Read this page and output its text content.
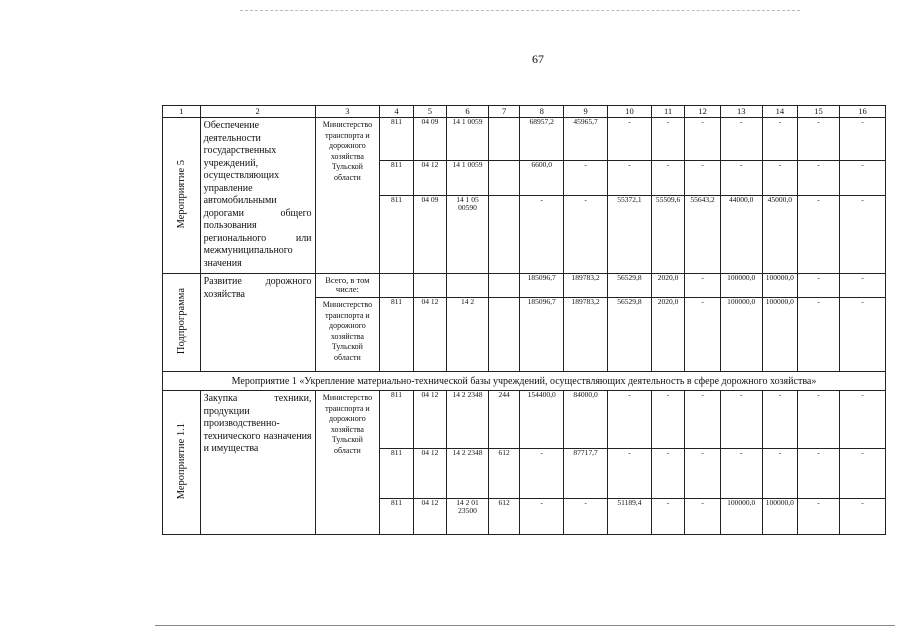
67
1	2	3	4	5	6	7	8	9	10	11	12	13	14	15	16
Мероприятие 5	Обеспечение деятельности государственных учреждений, осуществляющих управление автомобильными дорогами общего пользования регионального или межмуниципального значения	Министерство транспорта и дорожного хозяйства Тульской области	811	04 09	14 1 0059		68957,2	45965,7	-	-	-	-	-	-	-
			811	04 12	14 1 0059		6600,0	-	-	-	-	-	-	-	-
			811	04 09	14 1 05 00590		-	-	55372,1	55509,6	55643,2	44000,0	45000,0	-	-
Подпрограмма	Развитие дорожного хозяйства	Всего, в том числе:					185096,7	189783,2	56529,8	2020,0	-	100000,0	100000,0	-	-
		Министерство транспорта и дорожного хозяйства Тульской области	811	04 12	14 2		185096,7	189783,2	56529,8	2020,0	-	100000,0	100000,0	-	-
Мероприятие 1 «Укрепление материально-технической базы учреждений, осуществляющих деятельность в сфере дорожного хозяйства»															
Мероприятие 1.1	Закупка техники, продукции производственно-технического назначения и имущества	Министерство транспорта и дорожного хозяйства Тульской области	811	04 12	14 2 2348	244	154400,0	84000,0	-	-	-	-	-	-	-
			811	04 12	14 2 2348	612	-	87717,7	-	-	-	-	-	-	-
			811	04 12	14 2 01 23500	612	-	-	51189,4	-	-	100000,0	100000,0	-	-
